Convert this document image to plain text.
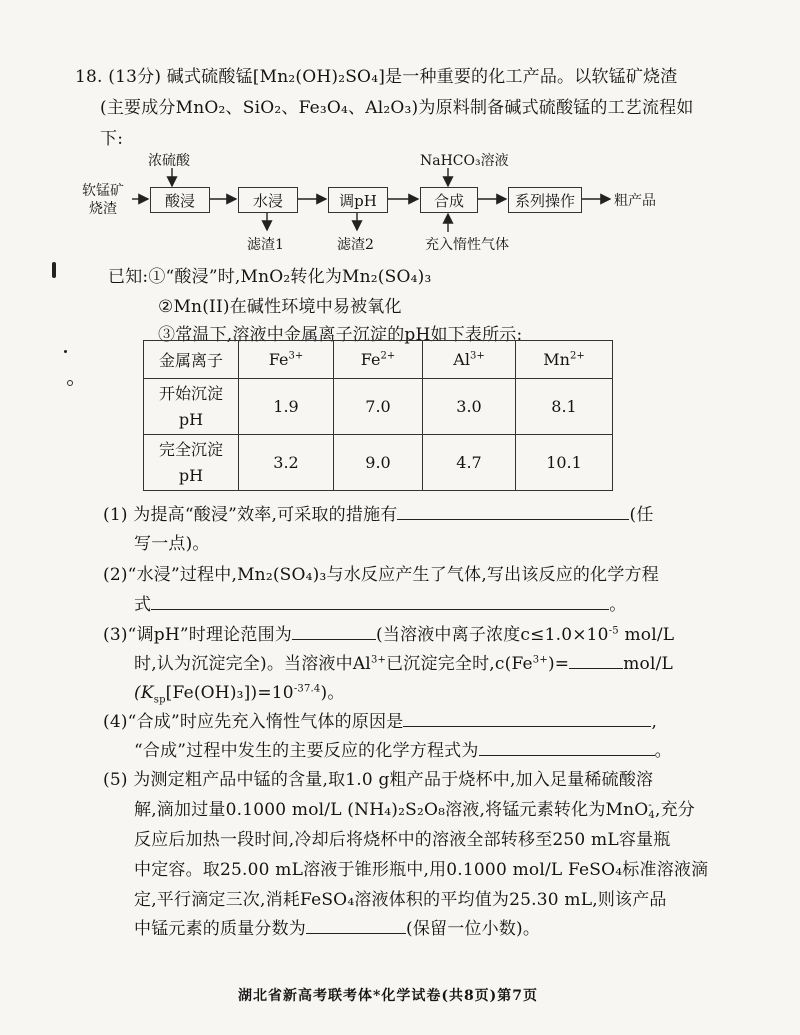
18. (13分) 碱式硫酸锰[Mn₂(OH)₂SO₄]是一种重要的化工产品。以软锰矿烧渣
(主要成分MnO₂、SiO₂、Fe₃O₄、Al₂O₃)为原料制备碱式硫酸锰的工艺流程如
下:
软锰矿
烧渣
浓硫酸	NaHCO₃溶液
酸浸	水浸	调pH	合成	系列操作	粗产品
滤渣1	滤渣2	充入惰性气体
已知:①“酸浸”时,MnO₂转化为Mn₂(SO₄)₃
②Mn(II)在碱性环境中易被氧化
③常温下,溶液中金属离子沉淀的pH如下表所示:
金属离子	$Fe^{3+}$	$Fe^{2+}$	$Al^{3+}$	$Mn^{2+}$

开始沉淀
pH	1.9	7.0	3.0	8.1

完全沉淀
pH	3.2	9.0	4.7	10.1
(1) 为提高“酸浸”效率,可采取的措施有	(任
写一点)。
(2)“水浸”过程中,Mn₂(SO₄)₃与水反应产生了气体,写出该反应的化学方程
式	。
(3)“调pH”时理论范围为	(当溶液中离子浓度$c\le 1.0\times 10^{-5}$ mol/L
时,认为沉淀完全)。当溶液中$Al^{3+}$已沉淀完全时$,c(Fe^{3+})=$	mol/L
$(K_{sp}[Fe(OH)_3])=10^{-37.4}$)。
(4)“合成”时应先充入惰性气体的原因是	,
“合成”过程中发生的主要反应的化学方程式为	。
(5) 为测定粗产品中锰的含量,取1.0 g粗产品于烧杯中,加入足量稀硫酸溶
解,滴加过量0.1000 mol/L (NH₄)₂S₂O₈溶液,将锰元素转化为MnO -
4 ,充分
反应后加热一段时间,冷却后将烧杯中的溶液全部转移至250 mL容量瓶
中定容。取25.00 mL溶液于锥形瓶中,用0.1000 mol/L FeSO₄标准溶液滴
定,平行滴定三次,消耗FeSO₄溶液体积的平均值为25.30 mL,则该产品
中锰元素的质量分数为	(保留一位小数)。
湖北省新高考联考体*化学试卷(共8页)第7页
